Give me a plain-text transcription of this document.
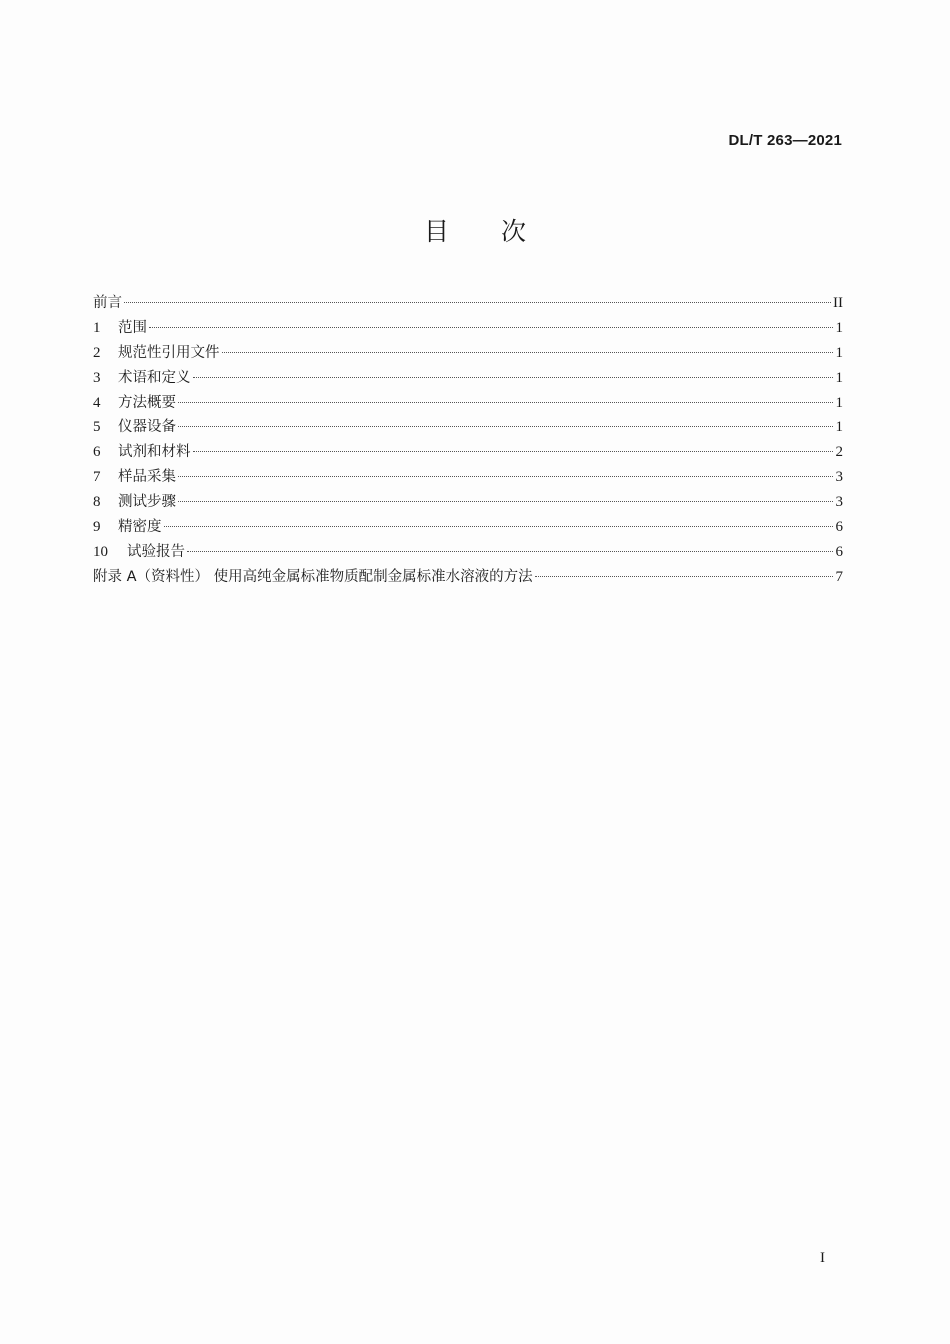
DL/T 263—2021
目次
前言	II
1	范围	1
2	规范性引用文件	1
3	术语和定义	1
4	方法概要	1
5	仪器设备	1
6	试剂和材料	2
7	样品采集	3
8	测试步骤	3
9	精密度	6
10	试验报告	6
附录 A（资料性） 使用高纯金属标准物质配制金属标准水溶液的方法	7
I
